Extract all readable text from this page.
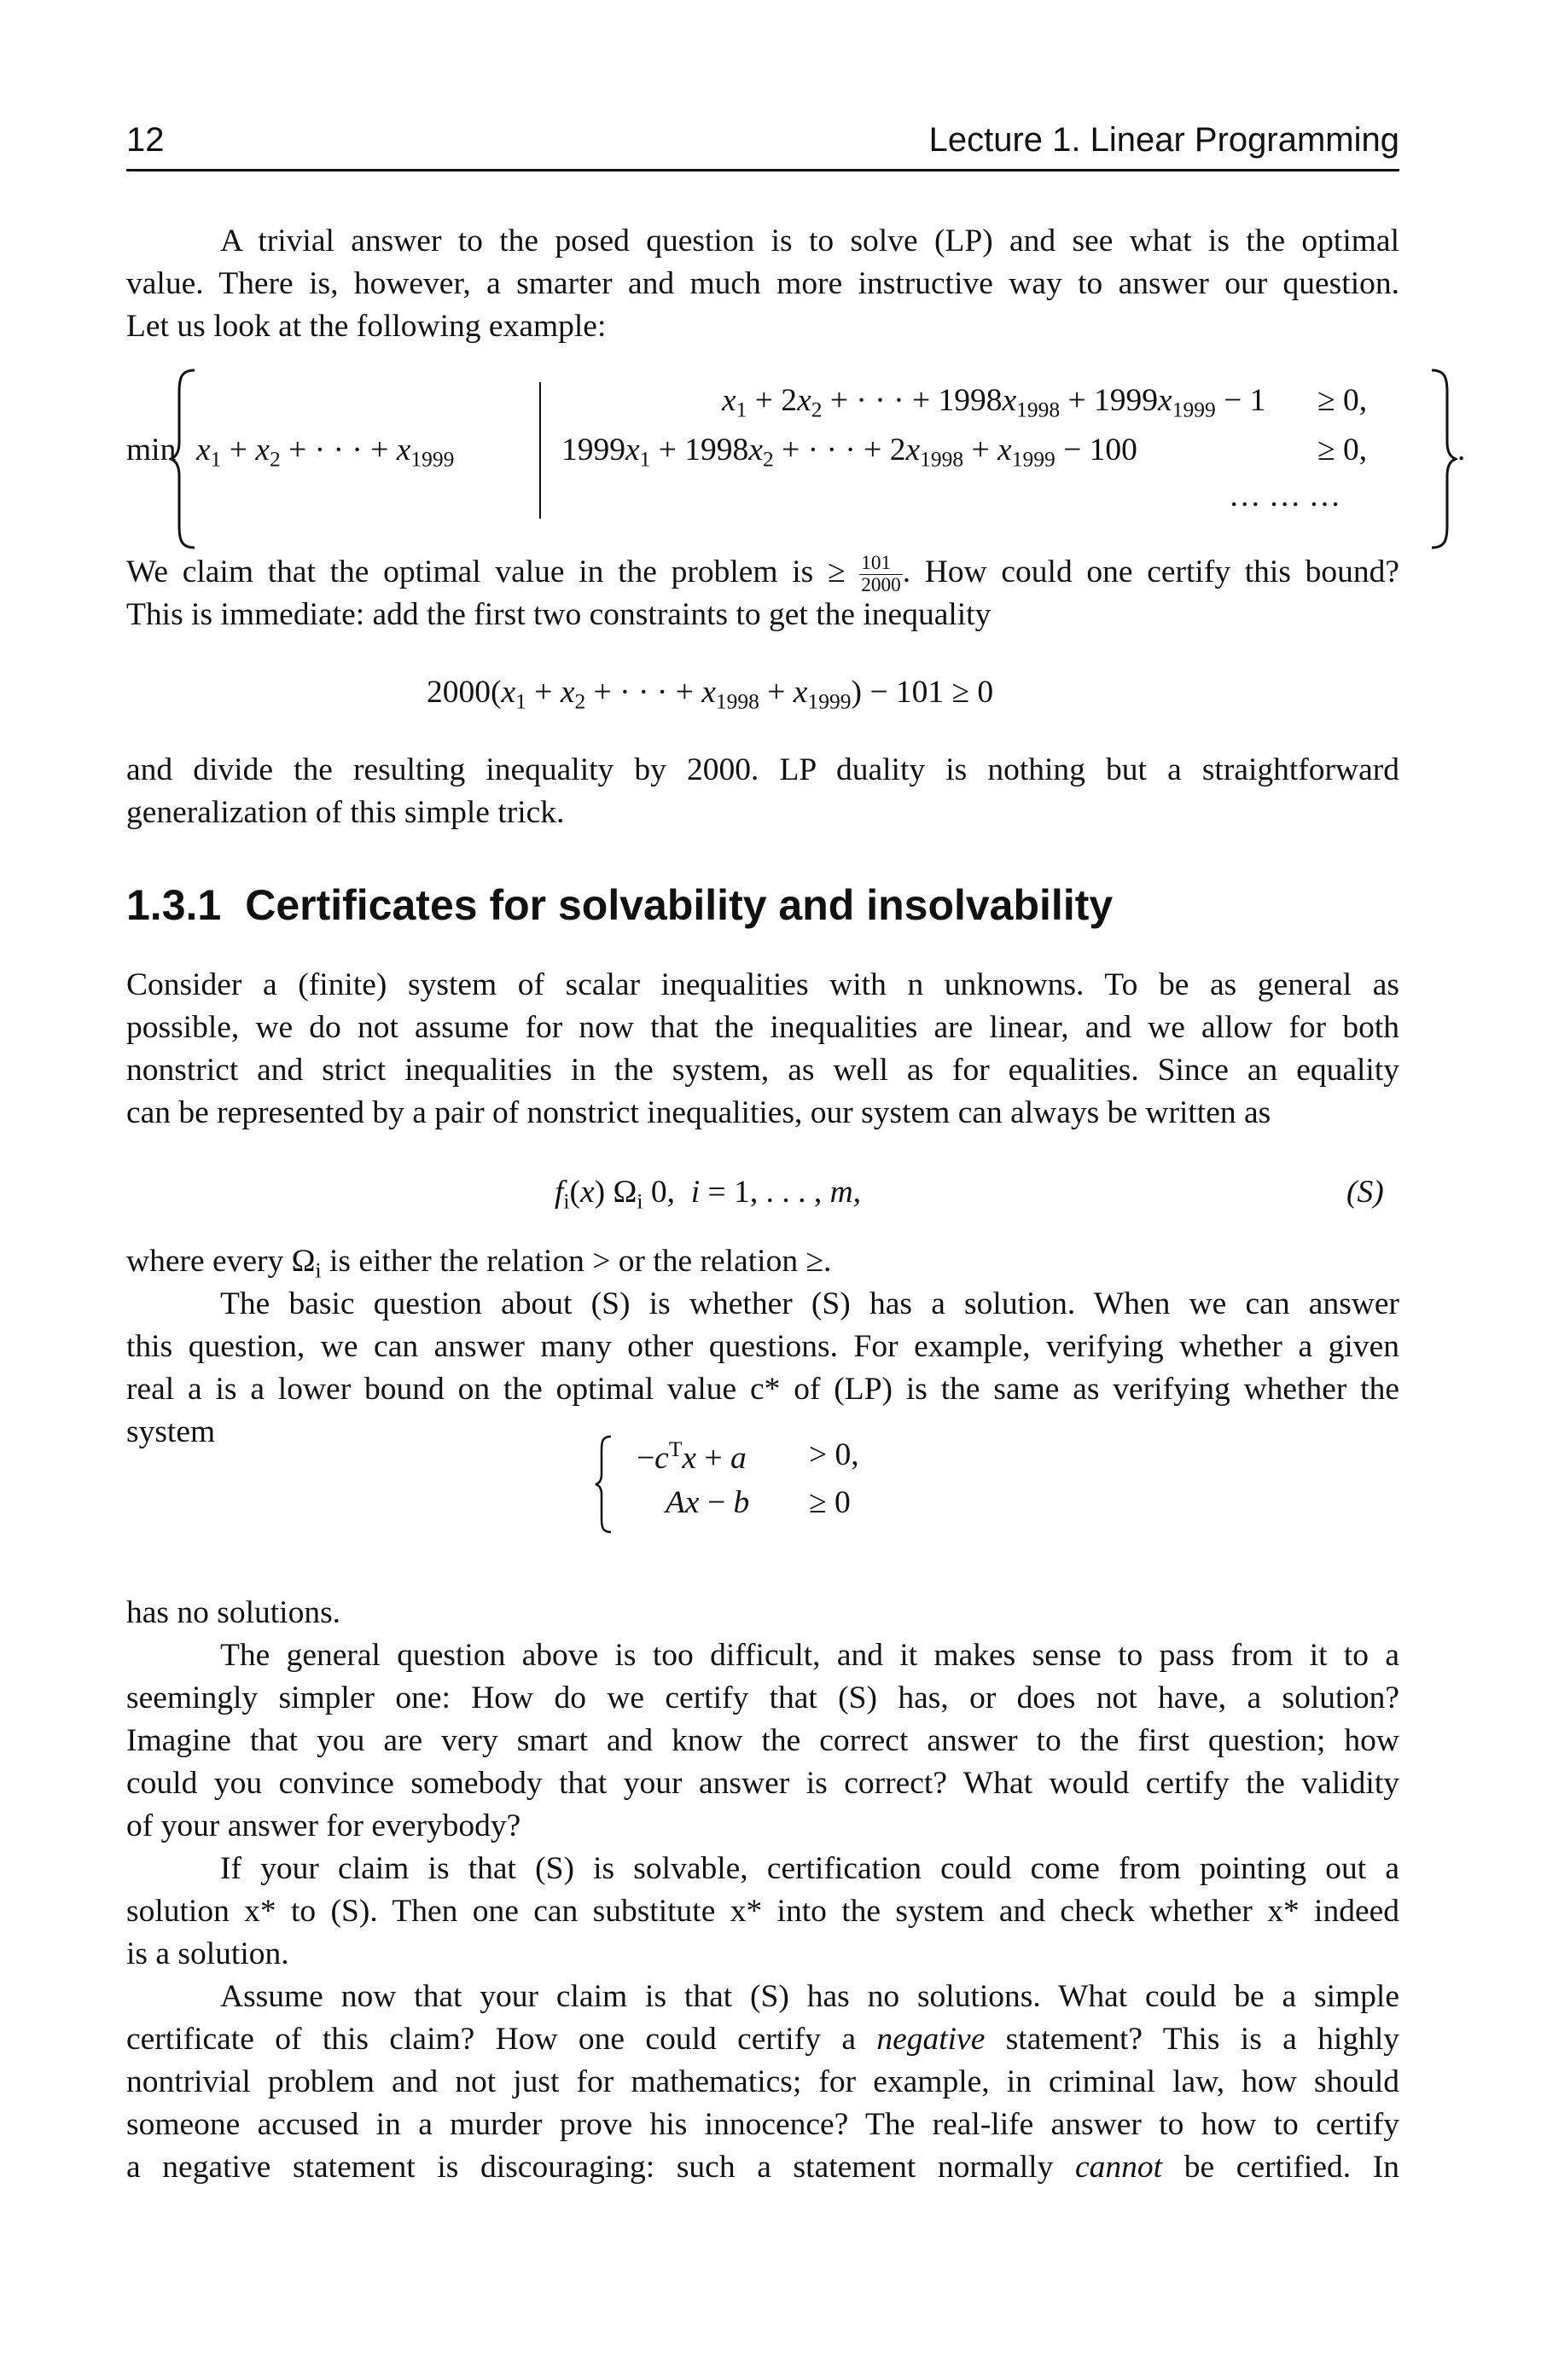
12	Lecture 1. Linear Programming
A trivial answer to the posed question is to solve (LP) and see what is the optimal
value. There is, however, a smarter and much more instructive way to answer our question.
Let us look at the following example:
$\min x_1 + x_2$ + · · · + $x_{1999}$
$x_1 + 2x_2$ + · · · + $1998x_{1998} + 1999x_{1999} - 1 \ge 0$,
$1999x_1 + 1998x_2$ + · · · + $2x_{1998} + x_{1999} - 100$	≥ 0,
… … …
.
We claim that the optimal value in the problem is ≥ $\frac{101}{2000}$ . How could one certify this bound?
This is immediate: add the first two constraints to get the inequality
$2000(x_1 + x_2$ + · · · + $x_{1998} + x_{1999}) - 101 \ge 0$
and divide the resulting inequality by 2000. LP duality is nothing but a straightforward
generalization of this simple trick.
1.3.1 Certificates for solvability and insolvability
Consider a (finite) system of scalar inequalities with n unknowns. To be as general as
possible, we do not assume for now that the inequalities are linear, and we allow for both
nonstrict and strict inequalities in the system, as well as for equalities. Since an equality
can be represented by a pair of nonstrict inequalities, our system can always be written as
$f_i(x)$ $\Omega_i$ 0,  i = 1, . . . , m,	(S)
where every $\Omega_i$ is either the relation > or the relation ≥.
The basic question about (S) is whether (S) has a solution. When we can answer
this question, we can answer many other questions. For example, verifying whether a given
real a is a lower bound on the optimal value c* of (LP) is the same as verifying whether the
system
$-c^Tx + a > 0$,
Ax − b ≥ 0
has no solutions.
The general question above is too difficult, and it makes sense to pass from it to a
seemingly simpler one: How do we certify that (S) has, or does not have, a solution?
Imagine that you are very smart and know the correct answer to the first question; how
could you convince somebody that your answer is correct? What would certify the validity
of your answer for everybody?
If your claim is that (S) is solvable, certification could come from pointing out a
solution x* to (S). Then one can substitute x* into the system and check whether x* indeed
is a solution.
Assume now that your claim is that (S) has no solutions. What could be a simple
certificate of this claim? How one could certify a negative statement? This is a highly
nontrivial problem and not just for mathematics; for example, in criminal law, how should
someone accused in a murder prove his innocence? The real-life answer to how to certify
a negative statement is discouraging: such a statement normally cannot be certified. In
